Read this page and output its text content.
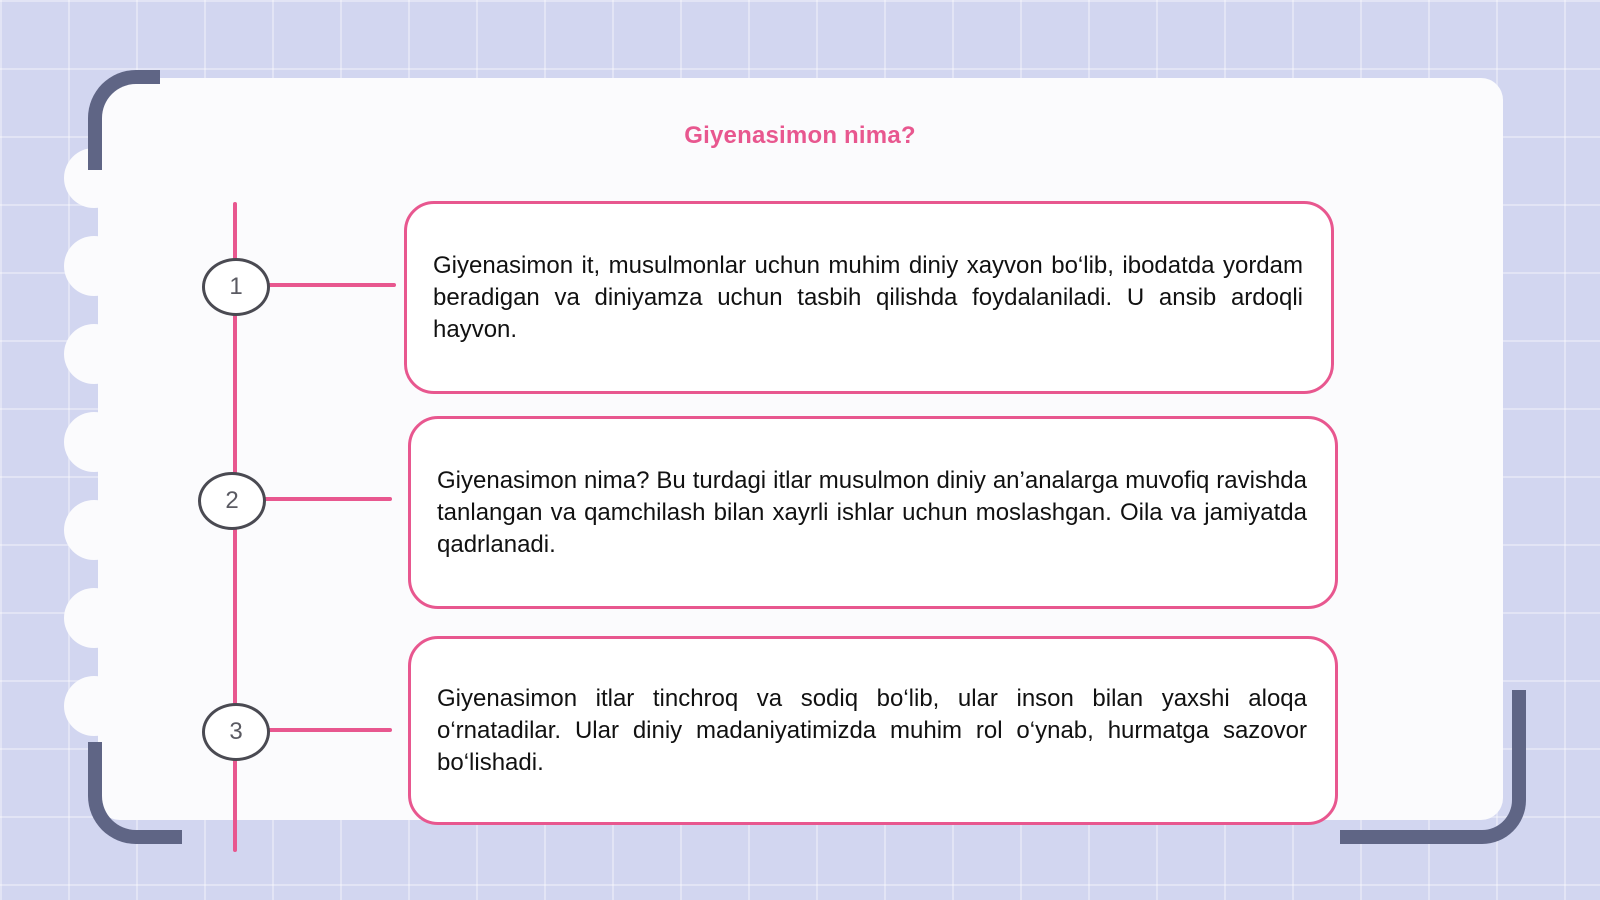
Giyenasimon nima?
1

Giyenasimon it, musulmonlar uchun muhim diniy xayvon bo‘lib, ibodatda yordam beradigan va diniyamza uchun tasbih qilishda foydalaniladi. U ansib ardoqli hayvon.

2

Giyenasimon nima? Bu turdagi itlar musulmon diniy an’analarga muvofiq ravishda tanlangan va qamchilash bilan xayrli ishlar uchun moslashgan. Oila va jamiyatda qadrlanadi.

3

Giyenasimon itlar tinchroq va sodiq bo‘lib, ular inson bilan yaxshi aloqa o‘rnatadilar. Ular diniy madaniyatimizda muhim rol o‘ynab, hurmatga sazovor bo‘lishadi.
